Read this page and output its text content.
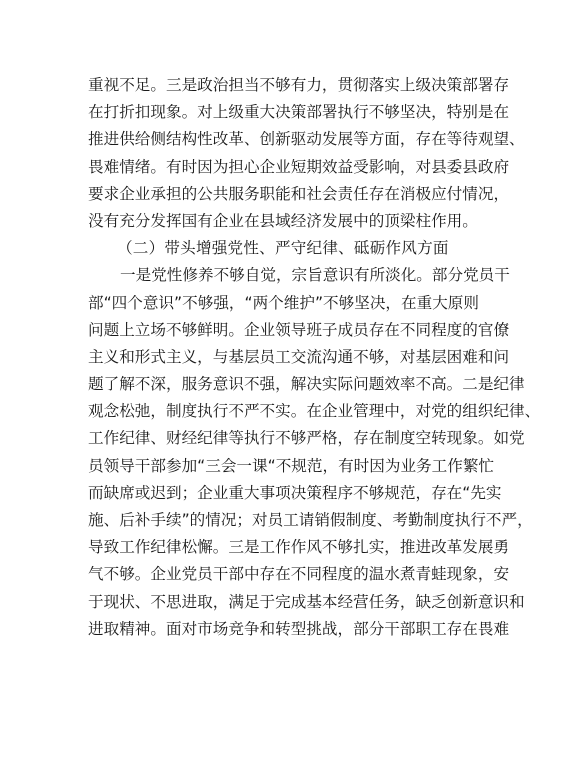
重视不足。三是政治担当不够有力，贯彻落实上级决策部署存
在打折扣现象。对上级重大决策部署执行不够坚决，特别是在
推进供给侧结构性改革、创新驱动发展等方面，存在等待观望、
畏难情绪。有时因为担心企业短期效益受影响，对县委县政府
要求企业承担的公共服务职能和社会责任存在消极应付情况，
没有充分发挥国有企业在县域经济发展中的顶梁柱作用。
（二）带头增强党性、严守纪律、砥砺作风方面
一是党性修养不够自觉，宗旨意识有所淡化。部分党员干
部“四个意识”不够强，“两个维护”不够坚决，在重大原则
问题上立场不够鲜明。企业领导班子成员存在不同程度的官僚
主义和形式主义，与基层员工交流沟通不够，对基层困难和问
题了解不深，服务意识不强，解决实际问题效率不高。二是纪律
观念松弛，制度执行不严不实。在企业管理中，对党的组织纪律、
工作纪律、财经纪律等执行不够严格，存在制度空转现象。如党
员领导干部参加“三会一课“不规范，有时因为业务工作繁忙
而缺席或迟到；企业重大事项决策程序不够规范，存在“先实
施、后补手续”的情况；对员工请销假制度、考勤制度执行不严，
导致工作纪律松懈。三是工作作风不够扎实，推进改革发展勇
气不够。企业党员干部中存在不同程度的温水煮青蛙现象，安
于现状、不思进取，满足于完成基本经营任务，缺乏创新意识和
进取精神。面对市场竞争和转型挑战，部分干部职工存在畏难
